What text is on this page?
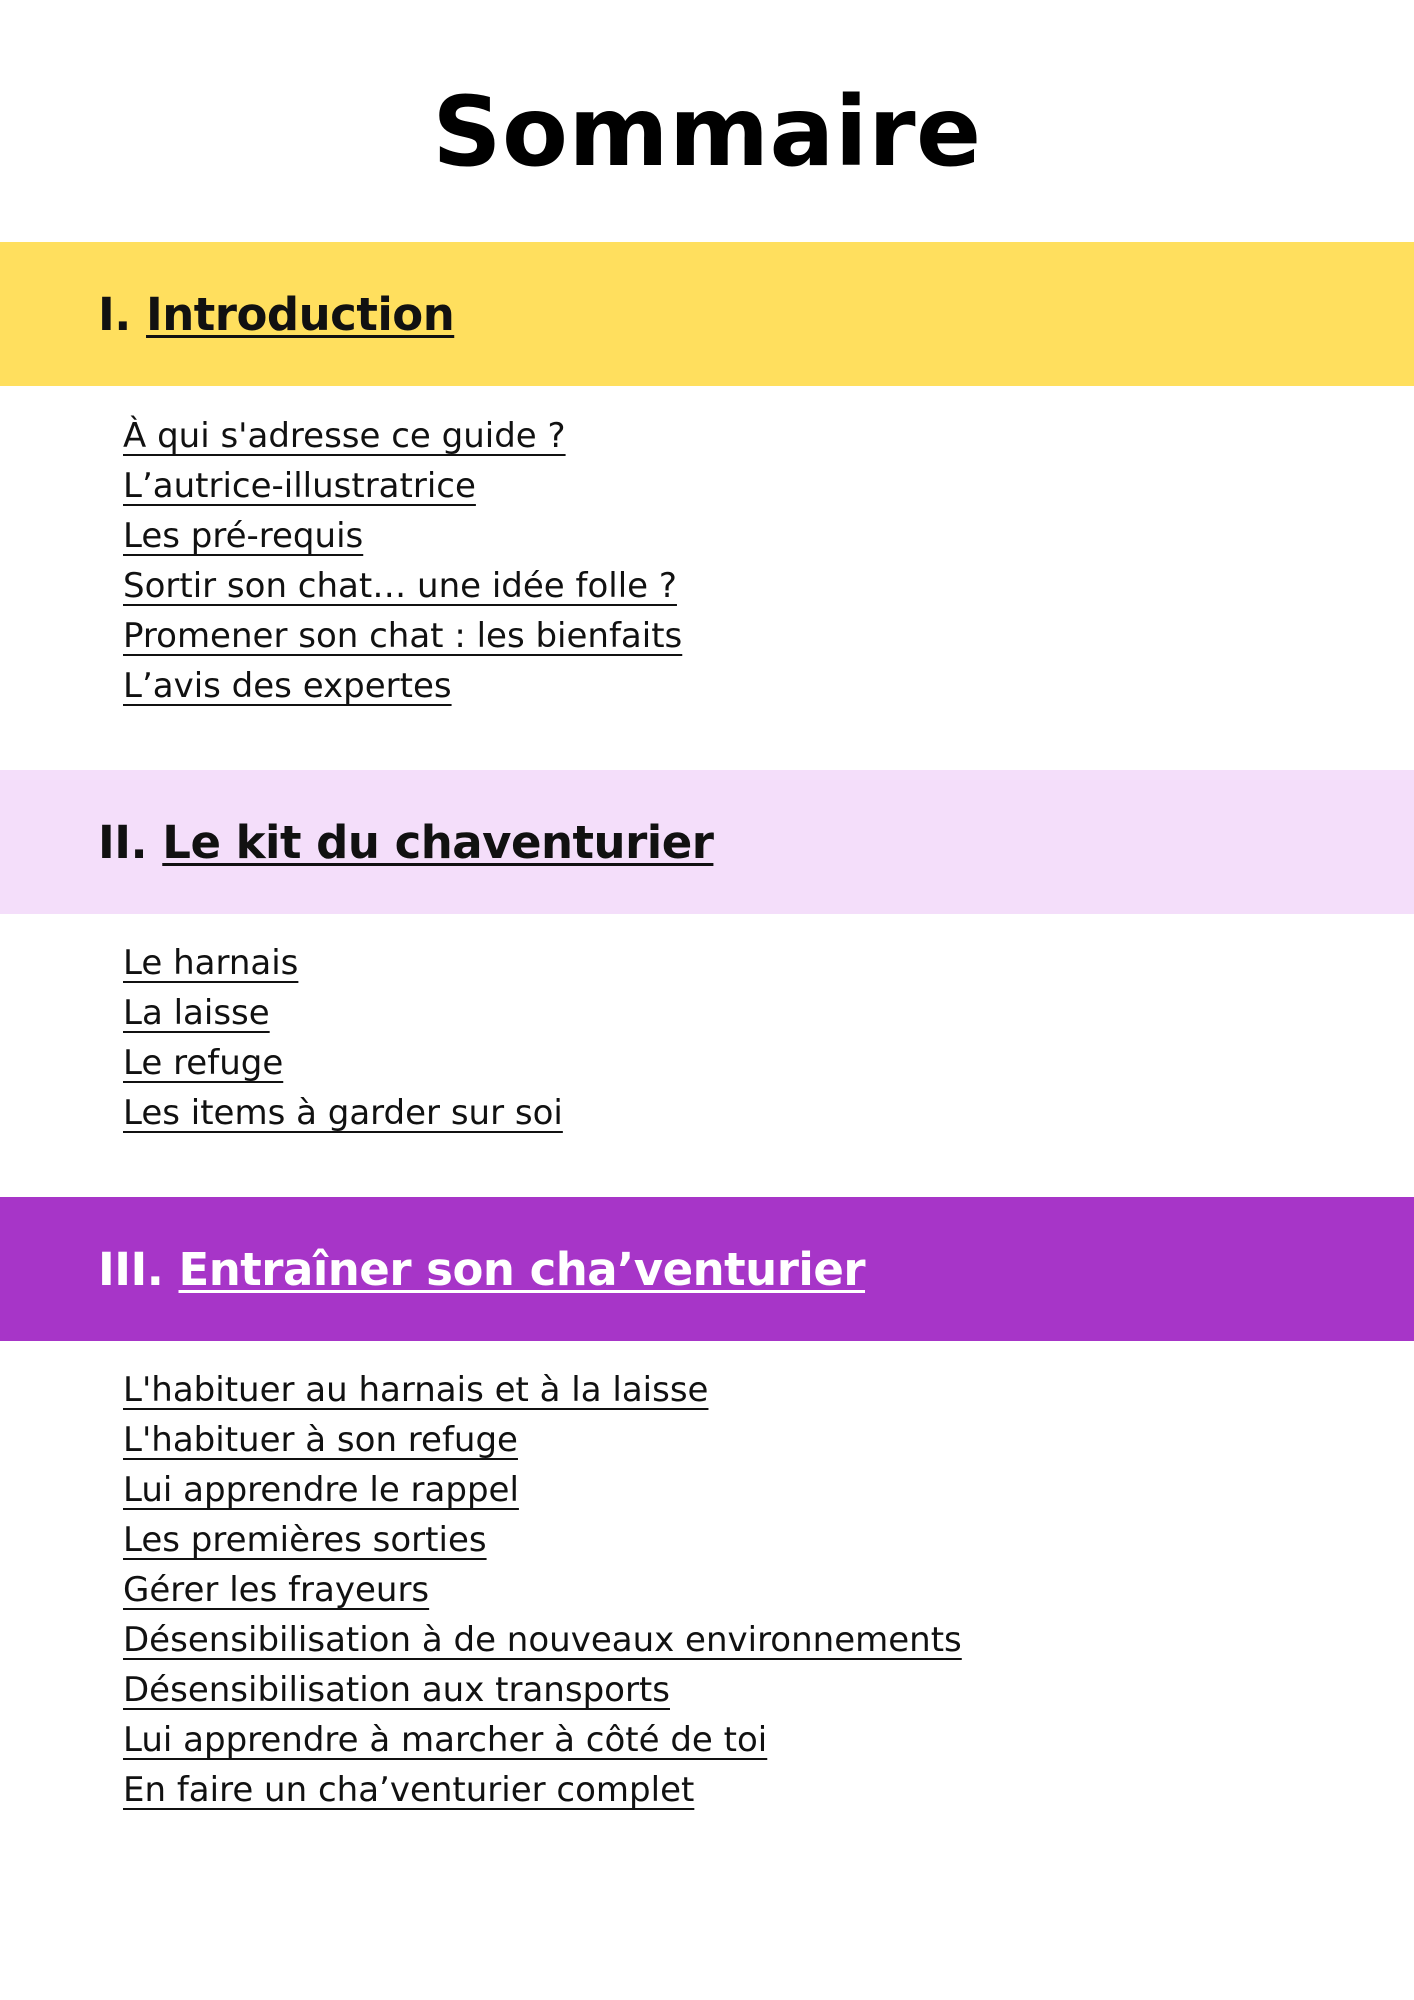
Sommaire
I. Introduction
À qui s'adresse ce guide ?
L’autrice-illustratrice
Les pré-requis
Sortir son chat… une idée folle ?
Promener son chat : les bienfaits
L’avis des expertes
II. Le kit du chaventurier
Le harnais
La laisse
Le refuge
Les items à garder sur soi
III. Entraîner son cha’venturier
L'habituer au harnais et à la laisse
L'habituer à son refuge
Lui apprendre le rappel
Les premières sorties
Gérer les frayeurs
Désensibilisation à de nouveaux environnements
Désensibilisation aux transports
Lui apprendre à marcher à côté de toi
En faire un cha’venturier complet
